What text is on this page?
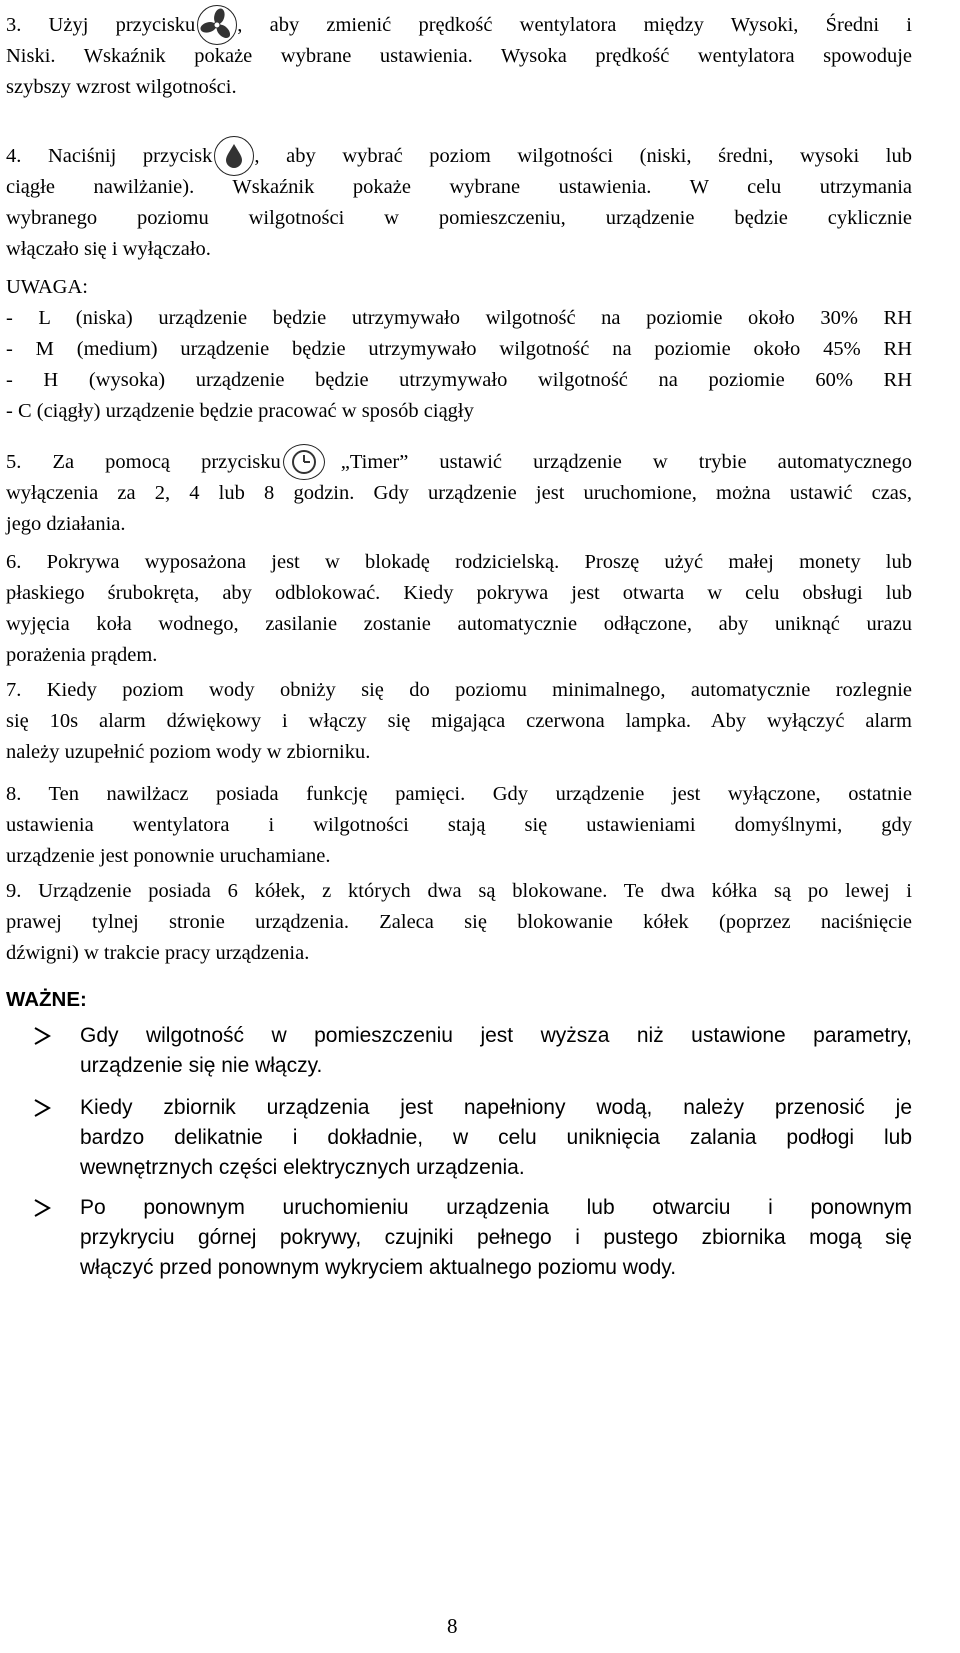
3. Użyj przycisku , aby zmienić prędkość wentylatora między Wysoki, Średni i
Niski. Wskaźnik pokaże wybrane ustawienia. Wysoka prędkość wentylatora spowoduje
szybszy wzrost wilgotności.
4. Naciśnij przycisk , aby wybrać poziom wilgotności (niski, średni, wysoki lub
ciągłe nawilżanie). Wskaźnik pokaże wybrane ustawienia. W celu utrzymania
wybranego poziomu wilgotności w pomieszczeniu, urządzenie będzie cyklicznie
włączało się i wyłączało.
UWAGA:
- L (niska) urządzenie będzie utrzymywało wilgotność na poziomie około 30% RH
- M (medium) urządzenie będzie utrzymywało wilgotność na poziomie około 45% RH
- H (wysoka) urządzenie będzie utrzymywało wilgotność na poziomie 60% RH
- C (ciągły) urządzenie będzie pracować w sposób ciągły
5. Za pomocą przycisku	„Timer” ustawić urządzenie w trybie automatycznego
wyłączenia za 2, 4 lub 8 godzin. Gdy urządzenie jest uruchomione, można ustawić czas,
jego działania.
6. Pokrywa wyposażona jest w blokadę rodzicielską. Proszę użyć małej monety lub
płaskiego śrubokręta, aby odblokować. Kiedy pokrywa jest otwarta w celu obsługi lub
wyjęcia koła wodnego, zasilanie zostanie automatycznie odłączone, aby uniknąć urazu
porażenia prądem.
7. Kiedy poziom wody obniży się do poziomu minimalnego, automatycznie rozlegnie
się 10s alarm dźwiękowy i włączy się migająca czerwona lampka. Aby wyłączyć alarm
należy uzupełnić poziom wody w zbiorniku.
8. Ten nawilżacz posiada funkcję pamięci. Gdy urządzenie jest wyłączone, ostatnie
ustawienia wentylatora i wilgotności stają się ustawieniami domyślnymi, gdy
urządzenie jest ponownie uruchamiane.
9. Urządzenie posiada 6 kółek, z których dwa są blokowane. Te dwa kółka są po lewej i
prawej tylnej stronie urządzenia. Zaleca się blokowanie kółek (poprzez naciśnięcie
dźwigni) w trakcie pracy urządzenia.
WAŻNE:
Gdy wilgotność w pomieszczeniu jest wyższa niż ustawione parametry,
urządzenie się nie włączy.
Kiedy zbiornik urządzenia jest napełniony wodą, należy przenosić je
bardzo delikatnie i dokładnie, w celu uniknięcia zalania podłogi lub
wewnętrznych części elektrycznych urządzenia.
Po ponownym uruchomieniu urządzenia lub otwarciu i ponownym
przykryciu górnej pokrywy, czujniki pełnego i pustego zbiornika mogą się
włączyć przed ponownym wykryciem aktualnego poziomu wody.
8
